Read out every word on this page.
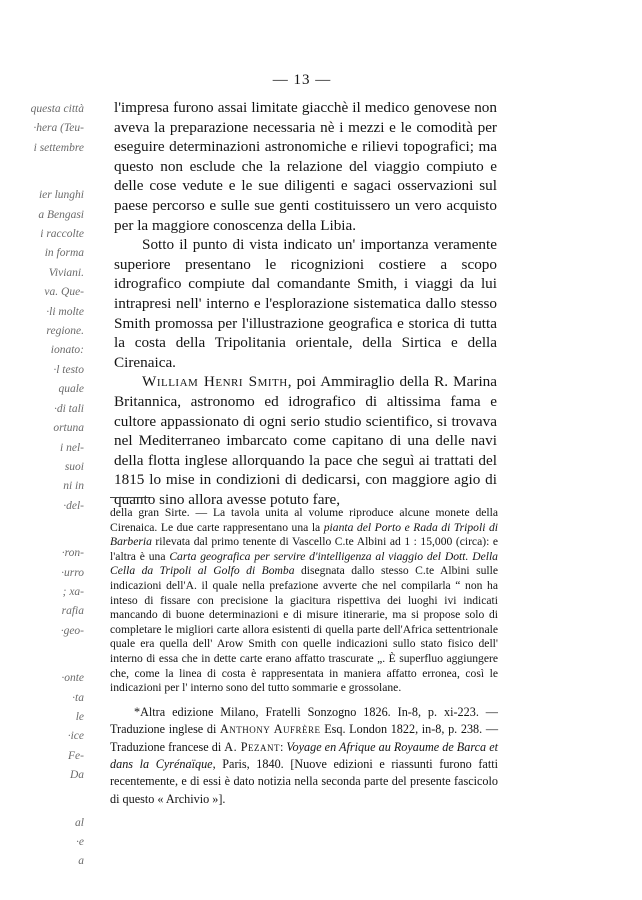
— 13 —
questa città
·hera (Teu-
i settembre
ier lunghi
a Bengasi
i raccolte
in forma
Viviani.
va. Que-
·li molte
regione.
ionato:
·l testo
quale
·di tali
ortuna
i nel-
suoi
ni in
·del-
·ron-
·urro
; xa-
rafia
·geo-
·onte
·ta
le
·ice
Fe-
Da
al
·e
a

l'impresa furono assai limitate giacchè il medico genovese non aveva la preparazione necessaria nè i mezzi e le comodità per eseguire determinazioni astronomiche e rilievi topografici; ma questo non esclude che la relazione del viaggio compiuto e delle cose vedute e le sue diligenti e sagaci osservazioni sul paese percorso e sulle sue genti costituissero un vero acquisto per la maggiore conoscenza della Libia.

Sotto il punto di vista indicato un' importanza veramente superiore presentano le ricognizioni costiere a scopo idrografico compiute dal comandante Smith, i viaggi da lui intrapresi nell' interno e l'esplorazione sistematica dallo stesso Smith promossa per l'illustrazione geografica e storica di tutta la costa della Tripolitania orientale, della Sirtica e della Cirenaica.

William Henri Smith, poi Ammiraglio della R. Marina Britannica, astronomo ed idrografico di altissima fama e cultore appassionato di ogni serio studio scientifico, si trovava nel Mediterraneo imbarcato come capitano di una delle navi della flotta inglese allorquando la pace che seguì ai trattati del 1815 lo mise in condizioni di dedicarsi, con maggiore agio di quanto sino allora avesse potuto fare,

della gran Sirte. — La tavola unita al volume riproduce alcune monete della Cirenaica. Le due carte rappresentano una la pianta del Porto e Rada di Tripoli di Barberia rilevata dal primo tenente di Vascello C.te Albini ad 1 : 15,000 (circa): e l'altra è una Carta geografica per servire d'intelligenza al viaggio del Dott. Della Cella da Tripoli al Golfo di Bomba disegnata dallo stesso C.te Albini sulle indicazioni dell'A. il quale nella prefazione avverte che nel compilarla “ non ha inteso di fissare con precisione la giacitura rispettiva dei luoghi ivi indicati mancando di buone determinazioni e di misure itinerarie, ma si propose solo di completare le migliori carte allora esistenti di quella parte dell'Africa settentrionale quale era quella dell' Arow Smith con quelle indicazioni sullo stato fisico dell' interno di essa che in dette carte erano affatto trascurate „. È superfluo aggiungere che, come la linea di costa è rappresentata in maniera affatto erronea, così le indicazioni per l' interno sono del tutto sommarie e grossolane.

*Altra edizione Milano, Fratelli Sonzogno 1826. In-8, p. xi-223. — Traduzione inglese di Anthony Aufrère Esq. London 1822, in-8, p. 238. — Traduzione francese di A. Pezant: Voyage en Afrique au Royaume de Barca et dans la Cyrénaïque, Paris, 1840. [Nuove edizioni e riassunti furono fatti recentemente, e di essi è dato notizia nella seconda parte del presente fascicolo di questo « Archivio »].
